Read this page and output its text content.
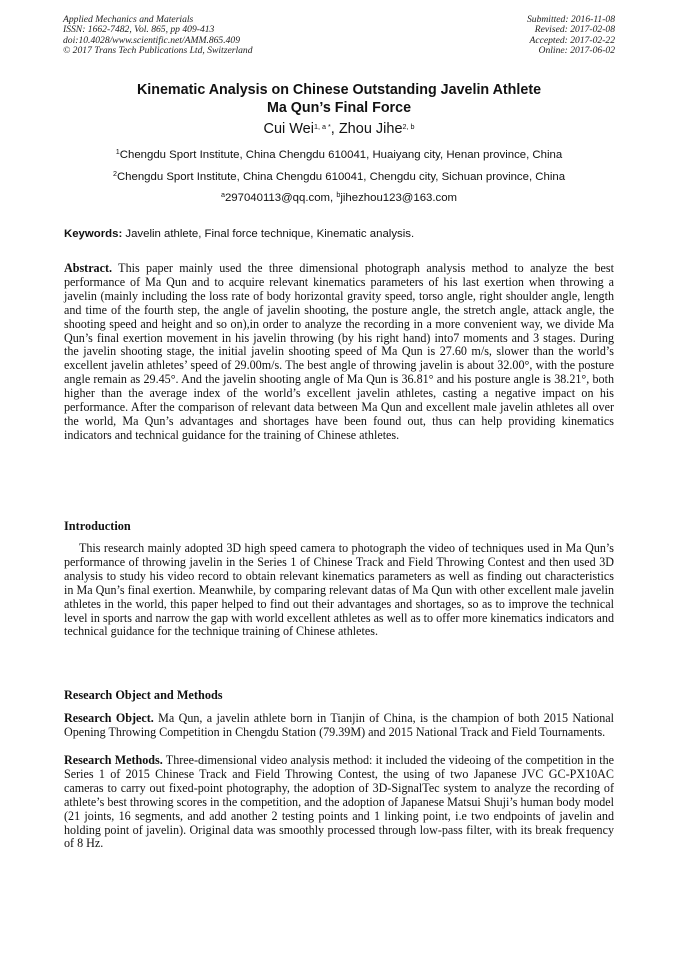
Applied Mechanics and Materials
ISSN: 1662-7482, Vol. 865, pp 409-413
doi:10.4028/www.scientific.net/AMM.865.409
© 2017 Trans Tech Publications Ltd, Switzerland
Submitted: 2016-11-08
Revised: 2017-02-08
Accepted: 2017-02-22
Online: 2017-06-02
Kinematic Analysis on Chinese Outstanding Javelin Athlete
Ma Qun’s Final Force
Cui Wei$^{1, a *}$, Zhou Jihe$^{2, b}$
$^1$Chengdu Sport Institute, China Chengdu 610041, Huaiyang city, Henan province, China
$^2$Chengdu Sport Institute, China Chengdu 610041, Chengdu city, Sichuan province, China
$^a$297040113@qq.com, $^b$jihezhou123@163.com
Keywords: Javelin athlete, Final force technique, Kinematic analysis.
Abstract. This paper mainly used the three dimensional photograph analysis method to analyze the best performance of Ma Qun and to acquire relevant kinematics parameters of his last exertion when throwing a javelin (mainly including the loss rate of body horizontal gravity speed, torso angle, right shoulder angle, length and time of the fourth step, the angle of javelin shooting, the posture angle, the stretch angle, attack angle, the shooting speed and height and so on),in order to analyze the recording in a more convenient way, we divide Ma Qun’s final exertion movement in his javelin throwing (by his right hand) into7 moments and 3 stages. During the javelin shooting stage, the initial javelin shooting speed of Ma Qun is 27.60 m/s, slower than the world’s excellent javelin athletes’ speed of 29.00m/s. The best angle of throwing javelin is about 32.00°, with the posture angle remain as 29.45°. And the javelin shooting angle of Ma Qun is 36.81° and his posture angle is 38.21°, both higher than the average index of the world’s excellent javelin athletes, casting a negative impact on his performance. After the comparison of relevant data between Ma Qun and excellent male javelin athletes all over the world, Ma Qun’s advantages and shortages have been found out, thus can help providing kinematics indicators and technical guidance for the training of Chinese athletes.
Introduction
This research mainly adopted 3D high speed camera to photograph the video of techniques used in Ma Qun’s performance of throwing javelin in the Series 1 of Chinese Track and Field Throwing Contest and then used 3D analysis to study his video record to obtain relevant kinematics parameters as well as finding out characteristics in Ma Qun’s final exertion. Meanwhile, by comparing relevant datas of Ma Qun with other excellent male javelin athletes in the world, this paper helped to find out their advantages and shortages, so as to improve the technical level in sports and narrow the gap with world excellent athletes as well as to offer more kinematics indicators and technical guidance for the technique training of Chinese athletes.
Research Object and Methods
Research Object. Ma Qun, a javelin athlete born in Tianjin of China, is the champion of both 2015 National Opening Throwing Competition in Chengdu Station (79.39M) and 2015 National Track and Field Tournaments.
Research Methods. Three-dimensional video analysis method: it included the videoing of the competition in the Series 1 of 2015 Chinese Track and Field Throwing Contest, the using of two Japanese JVC GC-PX10AC cameras to carry out fixed-point photography, the adoption of 3D-SignalTec system to analyze the recording of athlete’s best throwing scores in the competition, and the adoption of Japanese Matsui Shuji’s human body model (21 joints, 16 segments, and add another 2 testing points and 1 linking point, i.e two endpoints of javelin and holding point of javelin). Original data was smoothly processed through low-pass filter, with its break frequency of 8 Hz.
